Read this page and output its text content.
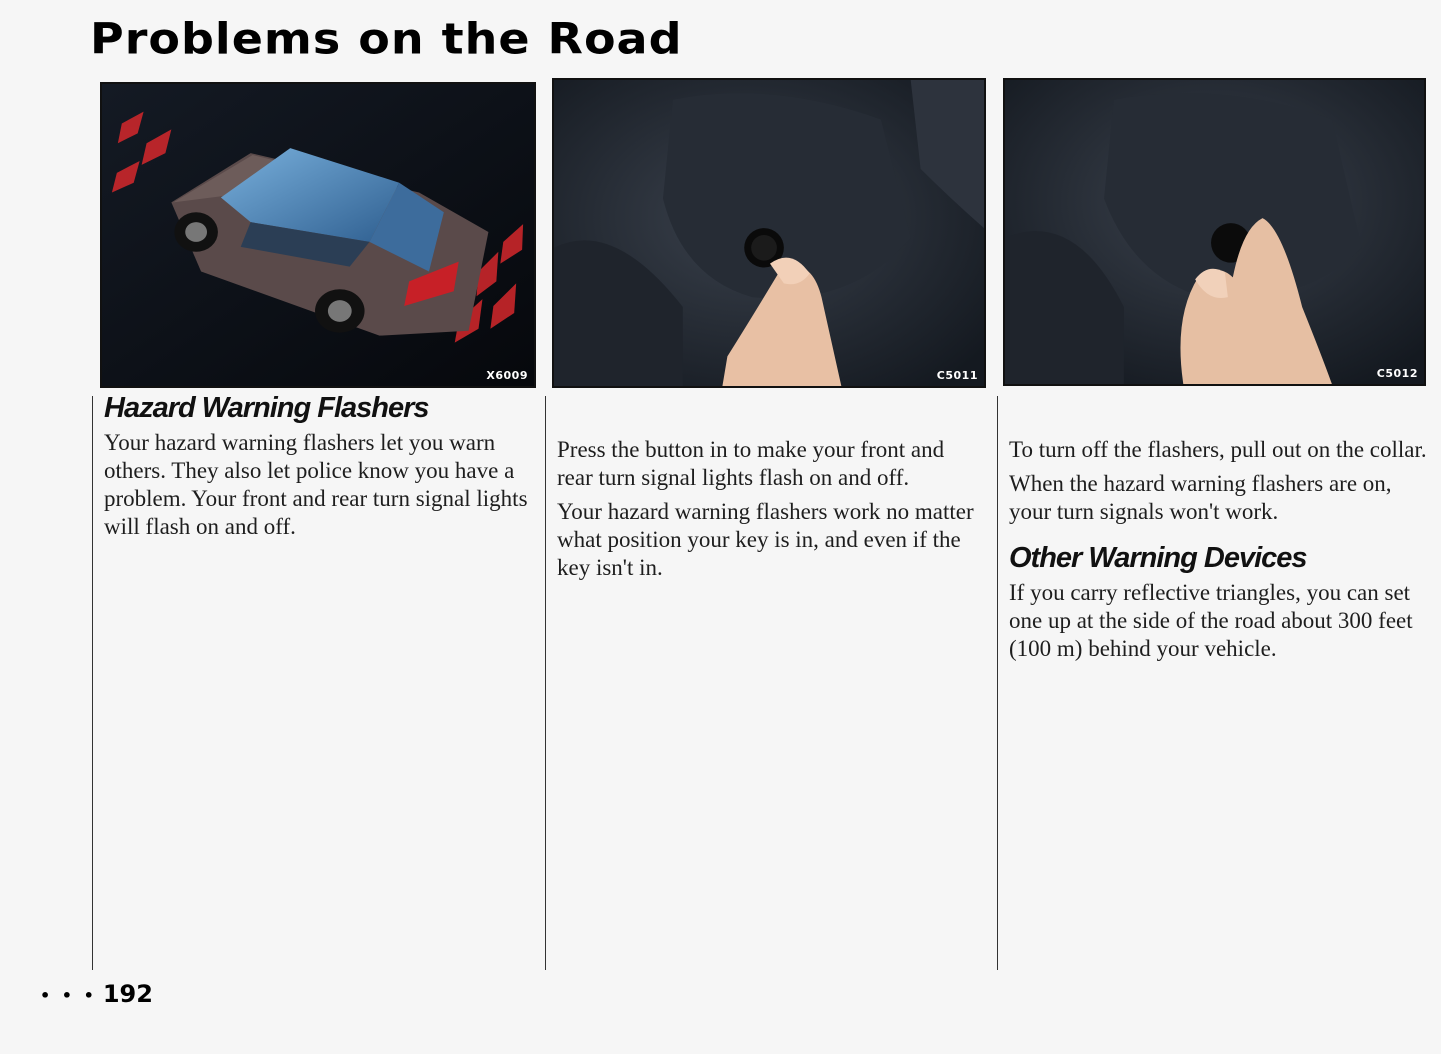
Problems on the Road
X6009	C5011	C5012
Hazard Warning Flashers

Your hazard warning flashers let you warn others. They also let police know you have a problem. Your front and rear turn signal lights will flash on and off.

Press the button in to make your front and rear turn signal lights flash on and off.

Your hazard warning flashers work no matter what position your key is in, and even if the key isn't in.

To turn off the flashers, pull out on the collar.

When the hazard warning flashers are on, your turn signals won't work.

Other Warning Devices

If you carry reflective triangles, you can set one up at the side of the road about 300 feet (100 m) behind your vehicle.

• • • 192
